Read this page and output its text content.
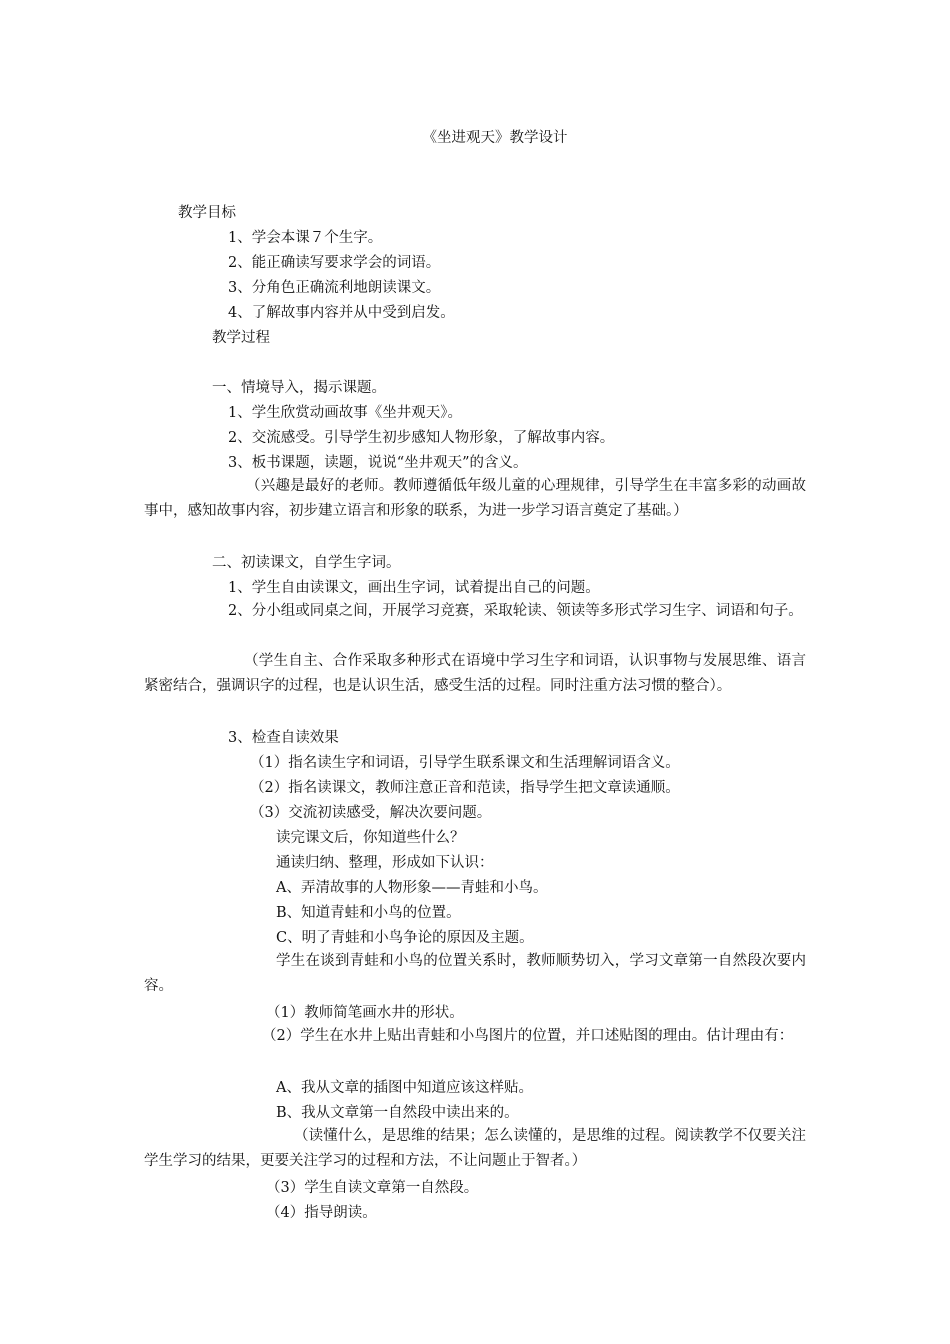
《坐进观天》教学设计
教学目标
1、学会本课７个生字。
2、能正确读写要求学会的词语。
3、分角色正确流利地朗读课文。
4、了解故事内容并从中受到启发。
教学过程
一、情境导入，揭示课题。
1、学生欣赏动画故事《坐井观天》。
2、交流感受。引导学生初步感知人物形象，了解故事内容。
3、板书课题，读题，说说“坐井观天”的含义。
（兴趣是最好的老师。教师遵循低年级儿童的心理规律，引导学生在丰富多彩的动画故事中，感知故事内容，初步建立语言和形象的联系，为进一步学习语言奠定了基础。）
二、初读课文，自学生字词。
1、学生自由读课文，画出生字词，试着提出自己的问题。
2、分小组或同桌之间，开展学习竞赛，采取轮读、领读等多形式学习生字、词语和句子。
（学生自主、合作采取多种形式在语境中学习生字和词语，认识事物与发展思维、语言紧密结合，强调识字的过程，也是认识生活，感受生活的过程。同时注重方法习惯的整合）。
3、检查自读效果
（1）指名读生字和词语，引导学生联系课文和生活理解词语含义。
（2）指名读课文，教师注意正音和范读，指导学生把文章读通顺。
（3）交流初读感受，解决次要问题。
读完课文后，你知道些什么？
通读归纳、整理，形成如下认识：
A、弄清故事的人物形象——青蛙和小鸟。
B、知道青蛙和小鸟的位置。
C、明了青蛙和小鸟争论的原因及主题。
学生在谈到青蛙和小鸟的位置关系时，教师顺势切入，学习文章第一自然段次要内容。
（1）教师简笔画水井的形状。
（2）学生在水井上贴出青蛙和小鸟图片的位置，并口述贴图的理由。估计理由有：
A、我从文章的插图中知道应该这样贴。
B、我从文章第一自然段中读出来的。
（读懂什么，是思维的结果；怎么读懂的，是思维的过程。阅读教学不仅要关注学生学习的结果，更要关注学习的过程和方法，不让问题止于智者。）
（3）学生自读文章第一自然段。
（4）指导朗读。
